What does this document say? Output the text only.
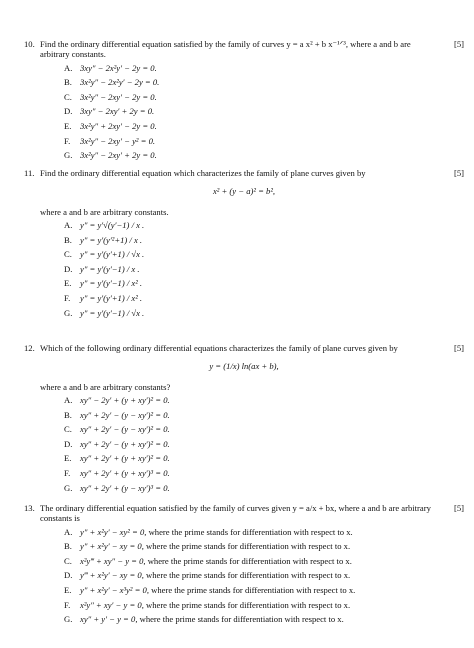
10. Find the ordinary differential equation satisfied by the family of curves y = a x² + b x⁻¹ᐟ³, where a and b are arbitrary constants.
[5]
A. 3xy″ − 2x²y′ − 2y = 0.
B. 3x²y″ − 2x²y′ − 2y = 0.
C. 3x²y″ − 2xy′ − 2y = 0.
D. 3xy″ − 2xy′ + 2y = 0.
E. 3x²y″ + 2xy′ − 2y = 0.
F.	3x²y″ − 2xy′ − y² = 0.
G. 3x²y″ − 2xy′ + 2y = 0.
11. Find the ordinary differential equation which characterizes the family of plane curves given by	[5]
x² + (y − a)² = b²,
where a and b are arbitrary constants.
A. y″ = y′√(y′−1) / x .
B. y″ = y′(y′²+1) / x .
C. y″ = y′(y′+1) / √x .
D. y″ = y′(y′−1) / x .
E. y″ = y′(y′−1) / x² .
F.	y″ = y′(y′+1) / x² .
G. y″ = y′(y′−1) / √x .
12. Which of the following ordinary differential equations characterizes the family of plane curves given by	[5]
y = (1/x) ln(ax + b),
where a and b are arbitrary constants?
A. xy″ − 2y′ + (y + xy′)² = 0.
B. xy″ + 2y′ − (y − xy′)² = 0.
C. xy″ + 2y′ − (y − xy′)² = 0.
D. xy″ + 2y′ − (y + xy′)² = 0.
E. xy″ + 2y′ + (y + xy′)² = 0.
F.	xy″ + 2y′ + (y + xy′)³ = 0.
G. xy″ + 2y′ + (y − xy′)³ = 0.
13. The ordinary differential equation satisfied by the family of curves given y = a/x + bx, where a and b are arbitrary constants is
[5]
A. y″ + x²y′ − xy² = 0 , where the prime stands for differentiation with respect to x.
B. y″ + x²y′ − xy = 0 , where the prime stands for differentiation with respect to x.
C. x²y‴ + xy″ − y = 0 , where the prime stands for differentiation with respect to x.
D. y‴ + x²y′ − xy = 0 , where the prime stands for differentiation with respect to x.
E. y″ + x²y′ − x³y² = 0 , where the prime stands for differentiation with respect to x.
F.	x²y″ + xy′ − y = 0 , where the prime stands for differentiation with respect to x.
G. xy″ + y′ − y = 0 , where the prime stands for differentiation with respect to x.
